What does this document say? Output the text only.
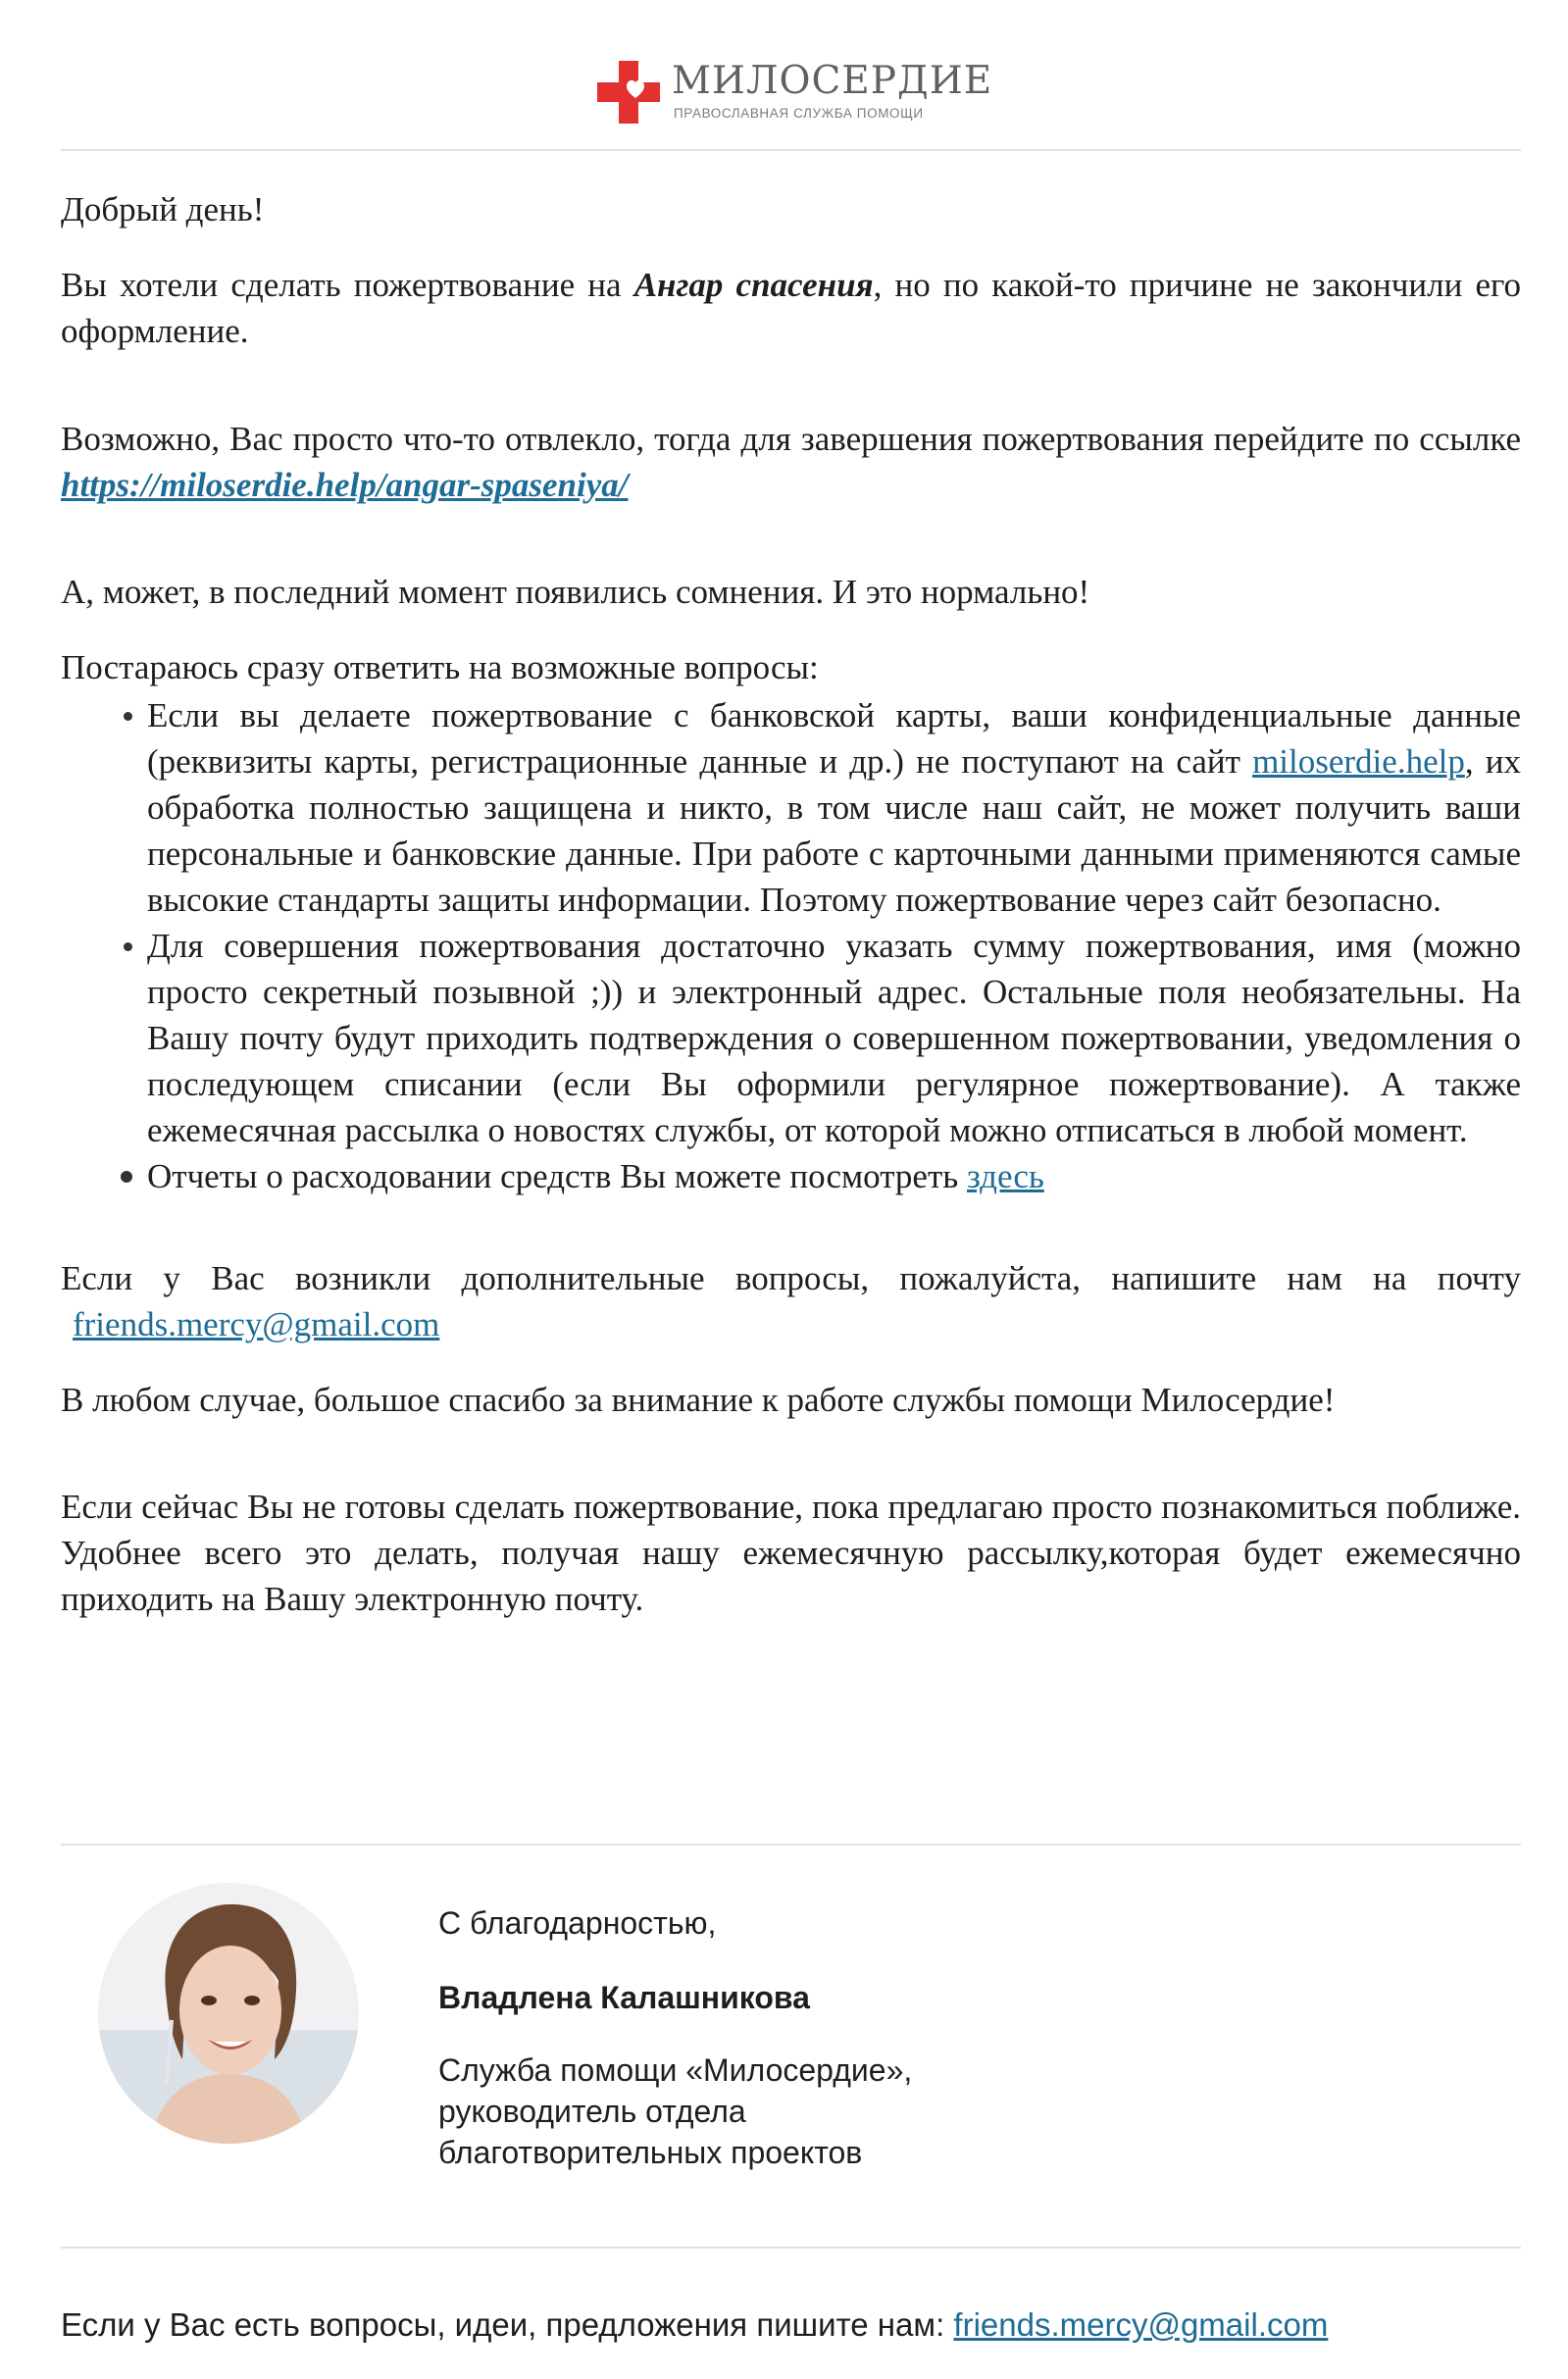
МИЛОСЕРДИЕ
ПРАВОСЛАВНАЯ СЛУЖБА ПОМОЩИ

Добрый день!

Вы хотели сделать пожертвование на Ангар спасения, но по какой-то причине не закончили его оформление.

Возможно, Вас просто что-то отвлекло, тогда для завершения пожертвования перейдите по ссылке https://miloserdie.help/angar-spaseniya/

А, может, в последний момент появились сомнения. И это нормально!

Постараюсь сразу ответить на возможные вопросы:

Если вы делаете пожертвование с банковской карты, ваши конфиденциальные данные (реквизиты карты, регистрационные данные и др.) не поступают на сайт miloserdie.help, их обработка полностью защищена и никто, в том числе наш сайт, не может получить ваши персональные и банковские данные. При работе с карточными данными применяются самые высокие стандарты защиты информации. Поэтому пожертвование через сайт безопасно.
Для совершения пожертвования достаточно указать сумму пожертвования, имя (можно просто секретный позывной ;)) и электронный адрес. Остальные поля необязательны. На Вашу почту будут приходить подтверждения о совершенном пожертвовании, уведомления о последующем списании (если Вы оформили регулярное пожертвование). А также ежемесячная рассылка о новостях службы, от которой можно отписаться в любой момент.
Отчеты о расходовании средств Вы можете посмотреть здесь

Если у Вас возникли дополнительные вопросы, пожалуйста, напишите нам на почту friends.mercy@gmail.com

В любом случае, большое спасибо за внимание к работе службы помощи Милосердие!

Если сейчас Вы не готовы сделать пожертвование, пока предлагаю просто познакомиться поближе. Удобнее всего это делать, получая нашу ежемесячную рассылку,которая будет ежемесячно приходить на Вашу электронную почту.

С благодарностью,
Владлена Калашникова
Служба помощи «Милосердие»,
руководитель отдела
благотворительных проектов
Если у Вас есть вопросы, идеи, предложения пишите нам: friends.mercy@gmail.com
